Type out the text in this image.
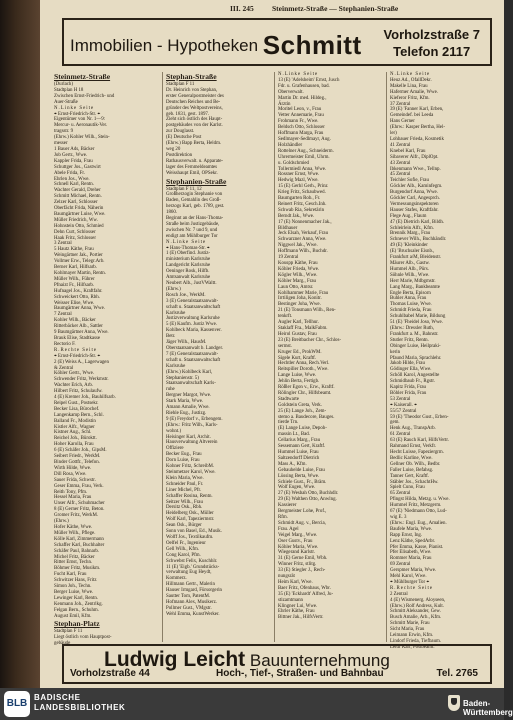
III. 245 Steinmetz-Straße — Stephanien-Straße
Immobilien - Hypotheken Schmitt Vorholzstraße 7
Telefon 2117
Steinmetz-Straße
(Durlach)
Stadtplan H 18
Zwischen Ernst-Friedrich- und
Auer-Straße
N.Linke Seite
⌖ Ernst-Friedrich-Str. ⌖
Eigentümer von Nr. 1—9:
Mercur- u. Aeronautik-Ver.
tragsstr. 9
(Ehrw.) Kohler Wilh., Stein-
messer
1 Bauer Ads, Bäcker
Job Gertr., Wwe.
Kappler Frida, Frau
Schuttger Jos., Gastwirt
Abele Frida, Fr.
Ehrlen Jos., Wwe.
Schnell Karl, Rentn.
Wachter Gerald, Dreher
Schmitt Michael, Rentn.
Zelzer Karl, Schlosser
Oberfächt Frida, Näherin
Baumgärtner Luise, Wwe.
Müller Friedrich, Ww.
Hohnstein Otto, Schmied
Dehn Curt, Schlosser
Haak Fritz, Schlosser
3 Zentral
5 Hautz Käthe, Frau
Weingärtner Jak., Portier
Vollmer Erw., Telegr.Arb.
Berner Karl, Hilfsarb.
Kohlmayer Martin, Rentn.
Müller Wilh., Führer
Pfnaizt Fr., Hilfsarb.
Hufnagel Jos., Kraftfahr.
Schweickert Otto, Rbh.
Weisser Elise, Wwe.
Baumgärtner Anna, Wwe.
7 Zentral
Kohler Wilh., Bäcker
Ritterbäcker Alb., Sattler
9 Baumgärtner Anna, Wwe.
Brauk Elise, Stadtkasse
Rectorio F.
R.Rechte Seite
⌖ Ernst-Friedrich-Str. ⌖
2 (E) Weiss A., Lagerwagen
& Zentral
Köhler Gertr., Wwe.
Schwender Fritz, Werkmstr.
Wachter Erich, Arb.
Hilbert Fritz, Schulaufw.
4 (E) Kremer Joh., Bauhilfsarb.
Reipel Gust., Postsekr.
Becker Lisa, Bürochef.
Langenkamp Bern., Schl.
Balland Fr., Modistin
Kistler Alfr., Wagner
Kistner Aug., Schl.
Reichel Joh., Büroktt.
Hoher Karolla, Frau
6 (E) Schäfer Joh., GipsM.
Seibert Friedr., WerkM.
Binder Gottfr., Telefon.
Wirth Hilde, Wwe.
Dill Rosa, Wwe.
Sauer Frida, Schwstr.
Geser Emma, Frau, Verk.
Reith Tony, Pfm.
Hessel Maria, Frau
Unser Alfr., Schuhmacher
8 (E) Gerner Fritz, Beton.
Gromer Fritz, WerkM.
(Ehrw.)
Hofer Käthe, Wwe.
Müller Wilh., Pflege.
Kölle Karl, Zimmermann
Schaffer Karl, Buchhalter
Schäfer Paul, Bahnarb.
Michel Fritz, Bäcker
Ritter Ernst, Techn.
Böhmer Fritz, Musikm.
Fucht Karl, Frau
Schwitzer Hans, Fritz
Simon Joh., Techn.
Berger Luise, Wwe.
Lewinger Karl, Rentn.
Kenmann Joh., Zentrlkg.
Felgan Bern., Schuhm.
August Emil, Kfm.
Stephan-Platz
Stadtplan F 11
Liegt östlich vom Hauptpost-
gebäude
Stephan-Straße
Stadtplan F 11
Dr. Heinrich von Stephan,
erster Generalpostmeister des
Deutschen Reiches und Be-
gründer des Weltpostvereins,
geb. 1831, gest. 1897.
Zieht sich östlich des Haupt-
postgebäudes von der Karlst.
zur Douglasst.
(E) Deutsche Post
(Ehrw.) Bapp Berta, Heldm.
weg 20
Postdirektion
Rathausverwalt. u. Apparate-
lager des Fernmeldeamtes
Weisshaupt Emil, OPSekr.
Stephanien-Straße
Stadtplan F 11, 12
Großherzogin Stephanie von
Baden, Gemahlin des Groß-
herzogs Karl, geb. 1789, gest.
1860.
Beginnt an der Hans-Thoma-
Straße beim Justizgebäude,
zwischen Nr. 7 und 9, und
endigt am Mühlburger Tor
N.Linke Seite
⌖ Hans-Thomas-Str. ⌖
1 (E) Oberfind. Justiz-
ministerium Karlsruhe
Landgericht Karlsruhe
Oeninger Rosk, Hilfb.
Amtsanwalt Karlsruhe
Neubert Alb., JustVWaltt.
(Ehrw.)
Rosch Joe., WerkM.
3 (E) Generalstaatsanwalt-
schaft u. Staatsanwaltschaft
Karlsruhe
Justizverwaltung Karlsruhe
5 (E) Kaufm. Justiz Wwe.
Kohlbeck Maria, Kassenver.
Betr.
Jäger Wilh., HausM.
Oberstaatsanwalt b. Landger.
7 (E) Generalstaatsanwalt-
schaft u. Staatsanwaltschaft
Karlsruhe
(Ehrw.) Kohlbeck Karl,
Stephanienstr. 5)
Staatsanwaltschaft Karls-
ruhe
Bergner Margot, Wwe.
Stark Maria, Wwe.
Amann Amalie, Wwe.
Riehle Eug., Justizg.
9 (E) Freydorf v., Erbengem.
(Ehrw.: Fritz Wilh., Karls-
wohnt.)
Heisinger Karl, Archit.
Hausverwaltung Altverein
Offiziere
Becker Eug., Frau
Dorn Luise, Frau
Kohner Fritz, SchreibM.
Steinmetzer Karol, Wwe.
Klein Maria, Wwe.
Schneider Paul, Fr.
Liner Michel, Pfr.
Schaffer Rosina, Rentn.
Seitzer Wilh., Frau
Dersitz Osk., Rbh.
Heidelberg Osk., Müller
Wolf Karl, Tapeziermstr.
Sean Osk., Bürger
Sonn von Basel, Ed., Musik.
Wolff Jos., Textilkaufm.
Oelfel Fr., Ingenieur
Gell Wilh., Kfm.
Cong Karol, Pfm.
Schwebst Felix, Kuschhlr.
11 (E) 'Eigb.' Grundstücks-
verwaltung Eug Heydt,
Kommerz.
Hillmann Gertr., Malerin
Hauser Irmgard, Fürsorgerin
Sautter Tom, PatentM.
Hofmann Alex, Musikerz.
Pollmer Gust., VMgstr.
Wehl Emma, KunstWerker.
N.Linke Seite
13 (E) 'Adelsheim' Ernst, Jusch
Fdr. u. Grafenhausen, bad.
Oberverwalt.
Martin Dr. med. Hildeg.,
Ärztin
Moritel Leon, v., Frau
Vetter Annemarie, Frau
Frohmann Fr., Wwe.
Beldsch Otto, Schlosser
Hoffmann Marga, Frau
Sedlmayer-Sedlmayr, Aug.
Holzhändler
Rottelner Aug., Schneiderm.
Uhrermeister Emil, Uhrm.
u. Goldschmied
Tollermiedl Anna, Wwe.
Rossner Ernst, Wwe.
Hedwig Mazl, Wwe.
15 (E) Gerhl Gerh., Prinz
Krieg Fritz, Schaubwed.
Baumgarten Rob., Fr.
Reinert Fritz, Gesch.Inh.
Schwab Ria, Sekretärin
Berndt Jak., Wwe.
17 (E) Nonnenmacher Jak.,
Bildhauer
Jeck Elsah, Verkauf, Frau
Schwarzner Anna, Wwe.
Niggwel Jak., Wwe.
Hoffmann Wilh., Buchdr.
19 Zentral
Kouspp Käthe, Frau
Köhler Frieda, Wwe.
Kögler Wilh., Wwe.
Köhler Marg., Frau
Laun Otto, Amtsr.
Kohlhammer Marie, Frau
Irrtiligen Joha, Konitr.
Bestinger Joha, Wwe.
21 (E) Tonsmann Wilh., Ren-
tenkrft.
Augler Karl, Tellhur.
Staklaff Fra., MalkFabm.
Heirol Gustav, Frau
23 (E) Breitbacher Chr., Schlos-
sermst.
Kruger Ed., ProkWM.
Sigele Kurt, Kraftf.
Hechtler Anna, Rech.Verl.
Reitspiller Doroth., Wwe.
Lange Luise, Wwe.
Jehlin Berta, Fertigb.
Rößler Egon v., Erw., Kraftf.
Rölingler Chr., Hilfsbeamt.
Stadtwarte
Goldstein Greta, Verk.
25 (E) Lange Joh., Zem-
stemo a. Baudecore, Bauges.
tierde Trn.
(E) Lange Luise, Depoh-
massin Lt., Bad.
Cellarius Marg., Frau
Sessemann Gert, Kraftf.
Hummel Luise, Frau
Saltzendorff Dietrich
Mass A., Kfm.
Gebauhelde Luise, Frau
Lüssing Berta, Wwe.
Schiele Gust., Fr., Bräm.
Wolf Eugen, Wwe.
27 (E) Wesbah Otto, Buchhdlr.
29 (E) Walthen Otto, Anwlng.
Kassierer
Bergmeister Lohe, Prof.,
Rfm.
Schmidt Aug. v., Bercia,
Frau. Agel
Veigel Marg., Wwe.
Oser Gustv., Frau
Köhler Maria, Wwe.
Wiegerand Karlstr.
31 (E) Gerne Emil, Wbh.
Winner Fritz, stlitg.
33 (E) Stiegler J., Rech-
nungsrät
Heim Karl, Wwe.
Baer Fritz, Ofenbaus, Wbr.
35 (E) 'Eckhardt' Alfred, Ju-
stizamtmann
Klingner Lui, Wwe.
Ehrler Käthe, Frau
Bittner Jak., HilfsVertr.
N.Linke Seite
Heuz Ad., OfallDekr.
Makelle Lina, Frau
Hafermer Amalie, Wwe.
Kieferor Fritz, Kfm.
37 Zentral
39 (E) 'Fanner Karl, Erben,
Gemeindef. bei Leeda
Hans Gerner
(Ehrw.: Kasper Bertha, Hel-
ler)
Lohbauer Frieda, Kosmetik
41 Zentral
Knebel Karl, Frau
Sibaverer Alfr., DiplOpt.
43 Zentral
Ibkenmann Wwe., Tellnp.
45 Zentral
Teichler Sofie, Frau
Göckler Alb., Kaminfegm.
Burgendorf Anna, Wwe.
Göckler Carl, Angesprch.
Vermessungsinspektoren
Hauser Stafes, Kraftfahr.
Flege Aug., Flaum
47 (E) Dietrich Karl, Bildh.
Schleirlein Alfr., Kfm.
Brennik Marg., Frau
Schnever Wilh., Buchhändlr.
49 (E) 'Kleinkinder
(E) 'Bruchsaler Eisnb.,
Frankfurt a/M, Bleidenstr.
Mäurer Alb., Gastw.
Hummel Alb., Pürs.
Söhnle Wilh., Wwe.
Herr Marie, Mdbgmstr.
Lang Marg., Bankbeamte
Engle Berta, Episorn
Buhler Anna, Frau
Thomas Luise, Wwe.
Schmidt Frieda, Frau
Schuhlbabel Marie, Bildung
51 (E) 'Fheidel Joso, Wwe.
(Ehrw.: Dressler Ruth,
Frankfurt a. M., Bahnstr.
Stutler Fritz, Rentn.
Obinger Luise, Heilpraki-
kerin
Pfaund Maria, Sprachlehr.
Jakob Hilde, Frau
Gödinger Ella, Wwe.
Schöll Karol, Angestellte
Schmidbaub Fr., Rgstr.
Kapitz Frida, Frau
Böhler Frida, Frau
53 Zentral
⌖ Kaiserall. ⌖
55/57 Zentral
59 (E) 'Theodor Gust., Erben-
gem.
Henk Aug., TranspArb.
61 Zentral
63 (E) Rauch Karl, HilfsVertr.
Rahmand Ernst, Verkfr.
Hecht Luisse, Fapeziergrm.
Bedlic Karline, Wwe.
Gellner Ob. Wilh., Bedbr.
Faller Luise, Befahsg.
Tanner Gert, Kraftf.
Stäbler Jos., SchachtHw.
Spielt Cuno, Frau
65 Zentral
Pfingst Hilda, Metzg. u. Wwe.
Hummel Fritz, Metzgerm.
67 (E) 'Niedmann Otto, Lud-
wig E. 3
(Ehrw.: Engl. Eug., Amalien.
Baufele Maria, Wwe.
Rapp Ernst, Ing.
Lenz Käthe, SpedArbr.
Pfer Emma, Kasse, Pianist.
Pfer Elisabeth, Wwe.
Rommer Maria, Frau
69 Zentral
Gerspmer Maria, Wwe.
Mehl Karol, Wwe.
⌖ Mühlburger Tor ⌖
R.Rechte Seite
2 Zentral
4 (E) Wismenerg. Aloyseen,
(Ehrw.) Rolf Andress, Kult.
Schmitt Aleksander, Gew.
Busch Amalie, Arb., Kfm.
Schmitt Marie, Frau
Sicht Maria, Frau
Leimann Erwin, Kfm.
Lindorf Frieda, Tiefbaum.
Leidr Karl, Postbeamt.
Ludwig Leicht Bauunternehmung
Vorholzstraße 44	Hoch-, Tief-, Straßen- und Bahnbau	Tel. 2765
BLB
BADISCHE
LANDESBIBLIOTHEK	Baden-Württemberg
